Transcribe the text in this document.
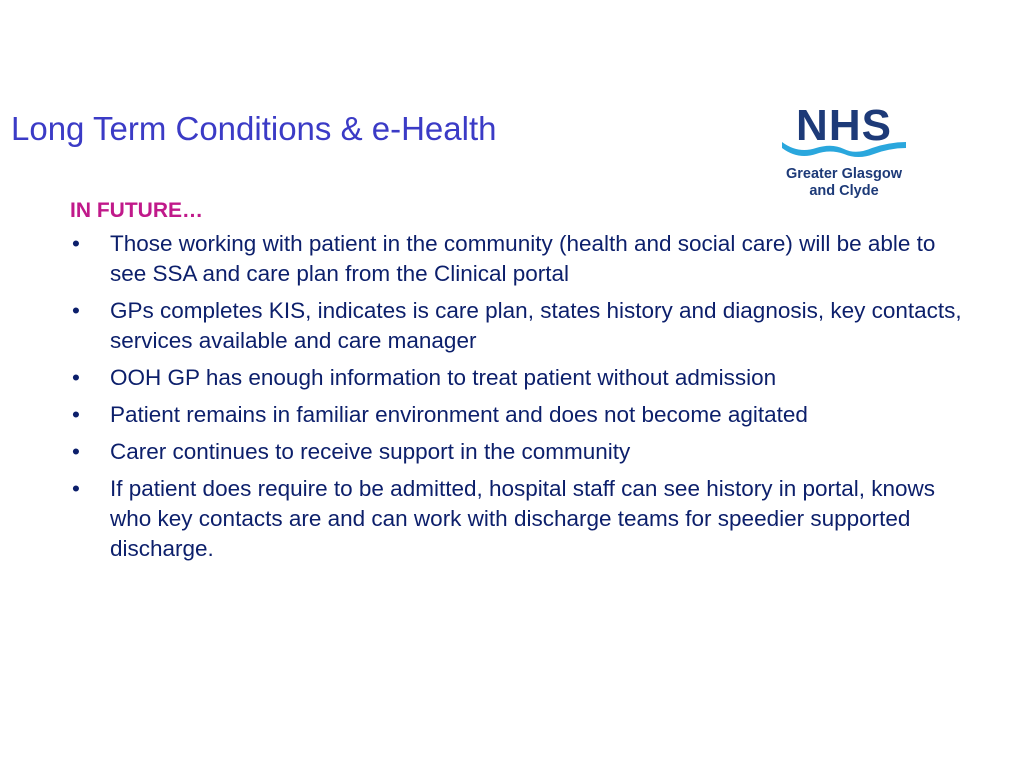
Long Term Conditions & e-Health	NHS
Greater Glasgow
and Clyde
IN FUTURE…
• Those working with patient in the community (health and social care) will be able to see SSA and care plan from the Clinical portal
• GPs completes KIS, indicates is care plan, states history and diagnosis, key contacts, services available and care manager
• OOH GP has enough information to treat patient without admission
• Patient remains in familiar environment and does not become agitated
• Carer continues to receive support in the community
• If patient does require to be admitted, hospital staff can see history in portal, knows who key contacts are and can work with discharge teams for speedier supported discharge.
